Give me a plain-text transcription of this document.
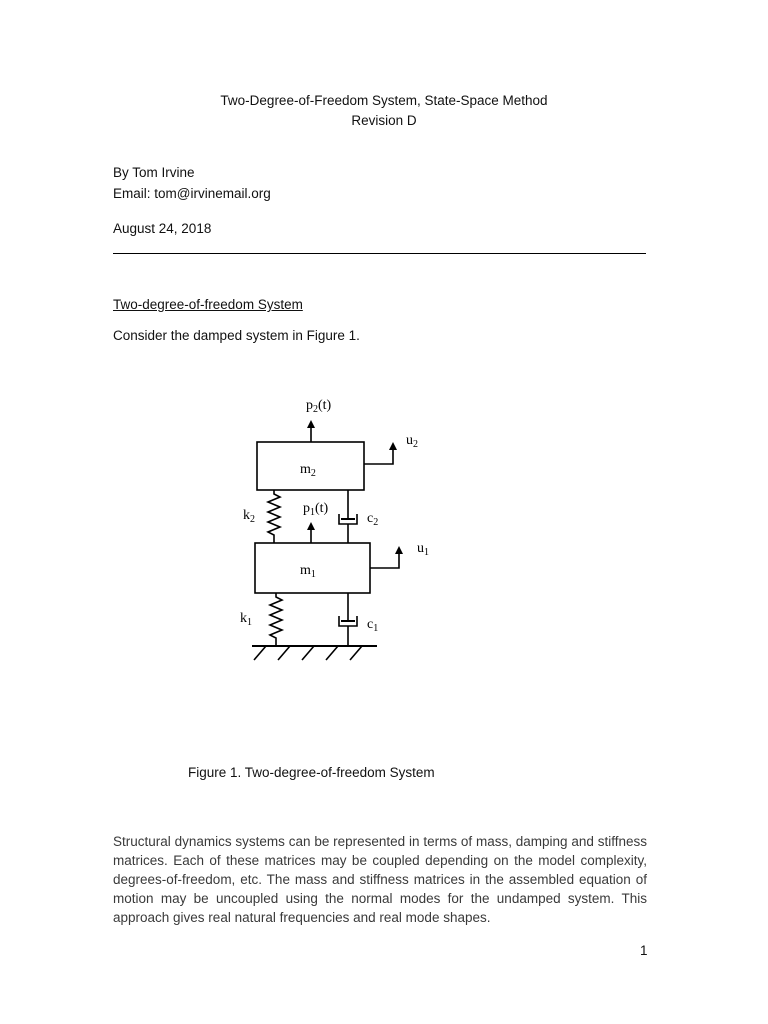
Two-Degree-of-Freedom System, State-Space Method

Revision D

By Tom Irvine

Email: tom@irvinemail.org

August 24, 2018

Two-degree-of-freedom System

Consider the damped system in Figure 1.

$p_2(t)$
$m_2$
$u_2$
$k_2$
$p_1(t)$
$c_2$
$m_1$
$u_1$
$k_1$	$c_1$

Figure 1. Two-degree-of-freedom System

Structural dynamics systems can be represented in terms of mass, damping and stiffness matrices. Each of these matrices may be coupled depending on the model complexity, degrees-of-freedom, etc. The mass and stiffness matrices in the assembled equation of motion may be uncoupled using the normal modes for the undamped system. This approach gives real natural frequencies and real mode shapes.

1
